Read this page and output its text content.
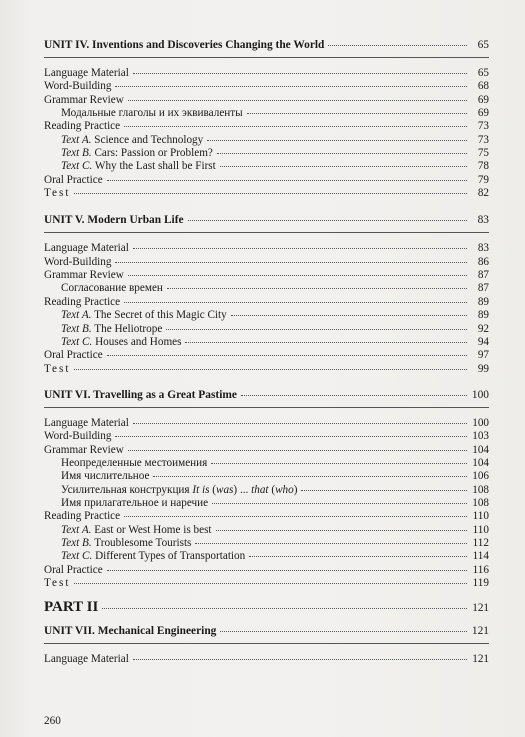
UNIT IV. Inventions and Discoveries Changing the World	65
Language Material	65
Word-Building	68
Grammar Review	69
Модальные глаголы и их эквиваленты	69
Reading Practice	73
Text A. Science and Technology	73
Text B. Cars: Passion or Problem?	75
Text C. Why the Last shall be First	78
Oral Practice	79
Test	82
UNIT V. Modern Urban Life	83
Language Material	83
Word-Building	86
Grammar Review	87
Согласование времен	87
Reading Practice	89
Text A. The Secret of this Magic City	89
Text B. The Heliotrope	92
Text C. Houses and Homes	94
Oral Practice	97
Test	99
UNIT VI. Travelling as a Great Pastime	100
Language Material	100
Word-Building	103
Grammar Review	104
Неопределенные местоимения	104
Имя числительное	106
Усилительная конструкция It is (was) ... that (who)	108
Имя прилагательное и наречие	108
Reading Practice	110
Text A. East or West Home is best	110
Text B. Troublesome Tourists	112
Text C. Different Types of Transportation	114
Oral Practice	116
Test	119
PART II	121
UNIT VII. Mechanical Engineering	121
Language Material	121
260
